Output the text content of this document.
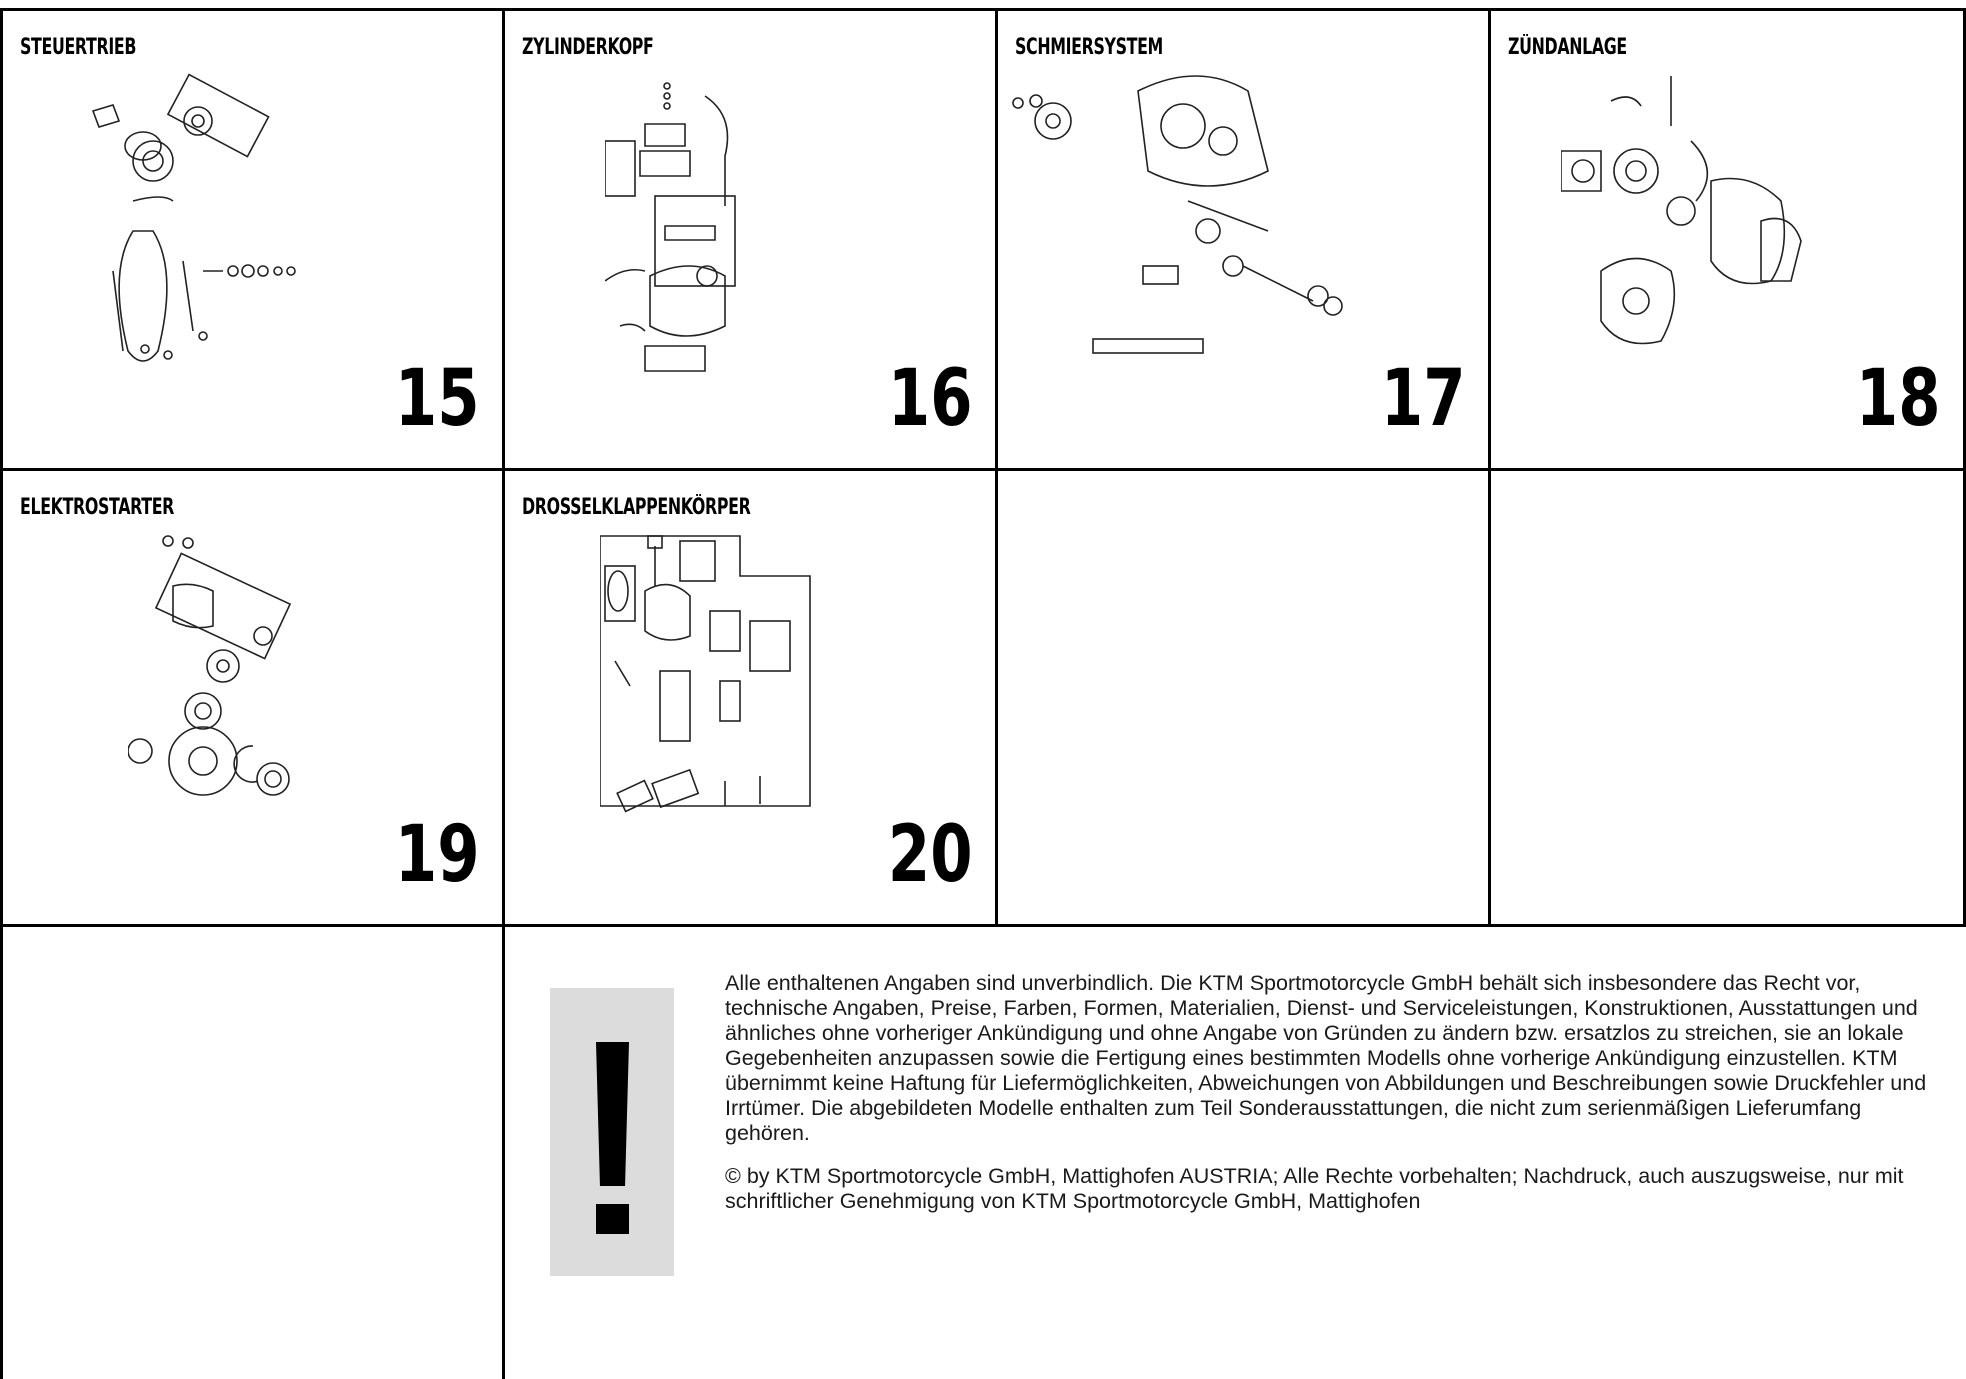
STEUERTRIEB
15
ZYLINDERKOPF
16
SCHMIERSYSTEM
17
ZÜNDANLAGE
18
ELEKTROSTARTER
19
DROSSELKLAPPENKÖRPER
20

Alle enthaltenen Angaben sind unverbindlich. Die KTM Sportmotorcycle GmbH behält sich insbesondere das Recht vor, technische Angaben, Preise, Farben, Formen, Materialien, Dienst- und Serviceleistungen, Konstruktionen, Ausstattungen und ähnliches ohne vorheriger Ankündigung und ohne Angabe von Gründen zu ändern bzw. ersatzlos zu streichen, sie an lokale Gegebenheiten anzupassen sowie die Fertigung eines bestimmten Modells ohne vorherige Ankündigung einzustellen. KTM übernimmt keine Haftung für Liefermöglichkeiten, Abweichungen von Abbildungen und Beschreibungen sowie Druckfehler und Irrtümer. Die abgebildeten Modelle enthalten zum Teil Sonderausstattungen, die nicht zum serienmäßigen Lieferumfang gehören.

© by KTM Sportmotorcycle GmbH, Mattighofen AUSTRIA; Alle Rechte vorbehalten; Nachdruck, auch auszugsweise, nur mit schriftlicher Genehmigung von KTM Sportmotorcycle GmbH, Mattighofen
